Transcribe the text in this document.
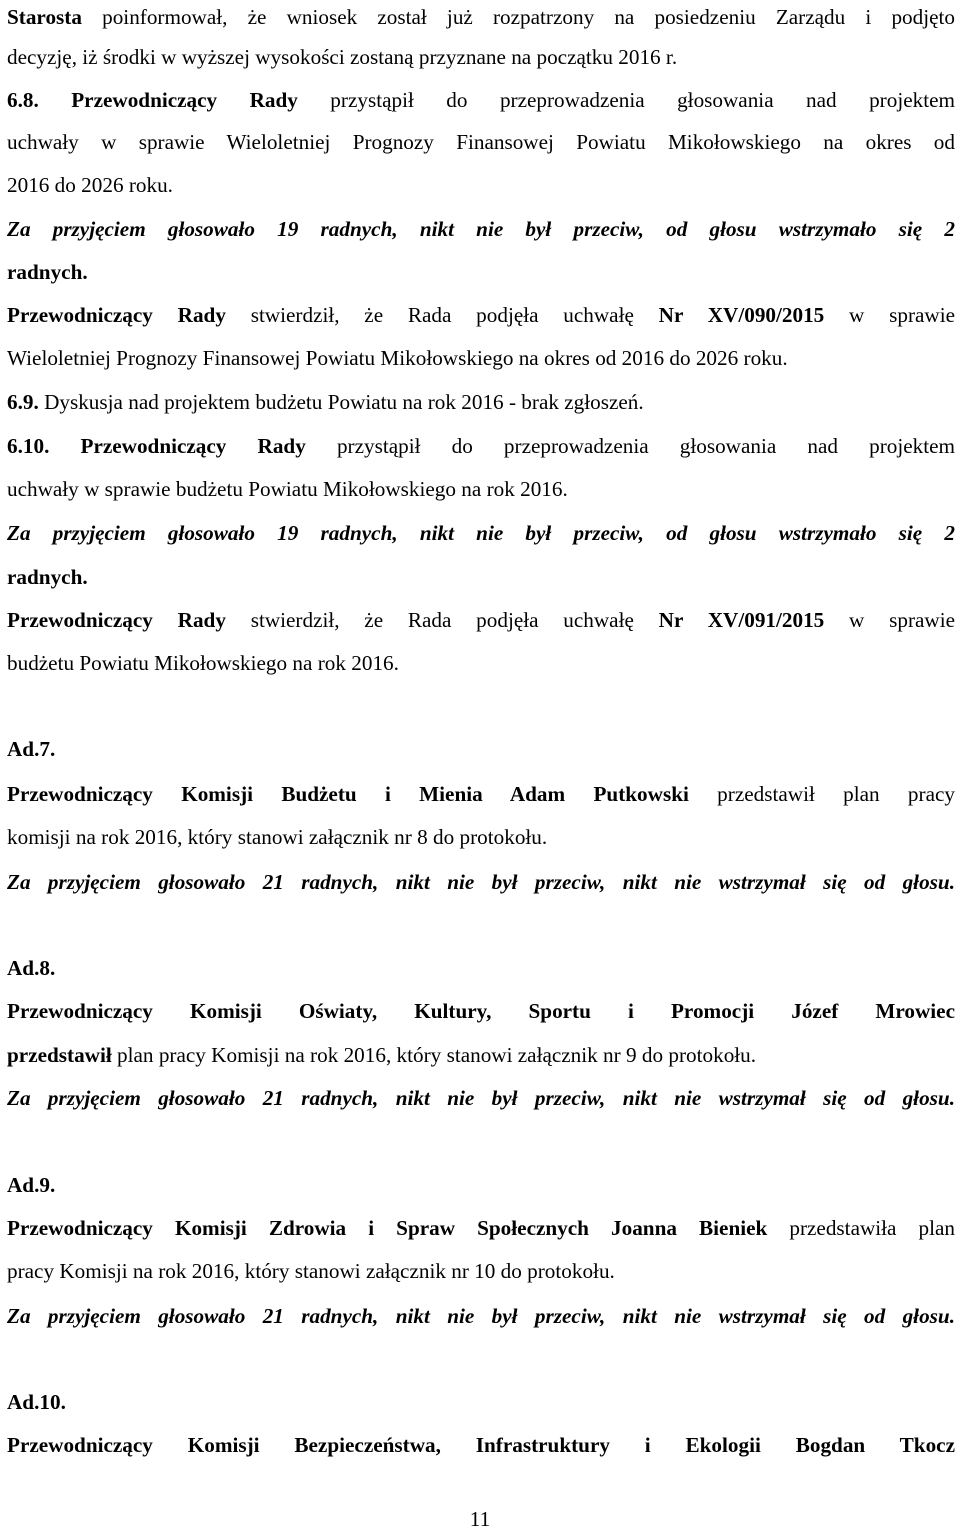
Starosta poinformował, że wniosek został już rozpatrzony na posiedzeniu Zarządu i podjęto
decyzję, iż środki w wyższej wysokości zostaną przyznane na początku 2016 r.
6.8. Przewodniczący Rady przystąpił do przeprowadzenia głosowania nad projektem
uchwały w sprawie Wieloletniej Prognozy Finansowej Powiatu Mikołowskiego na okres od
2016 do 2026 roku.
Za przyjęciem głosowało 19 radnych, nikt nie był przeciw, od głosu wstrzymało się 2
radnych.
Przewodniczący Rady stwierdził, że Rada podjęła uchwałę Nr XV/090/2015 w sprawie
Wieloletniej Prognozy Finansowej Powiatu Mikołowskiego na okres od 2016 do 2026 roku.
6.9. Dyskusja nad projektem budżetu Powiatu na rok 2016 - brak zgłoszeń.
6.10. Przewodniczący Rady przystąpił do przeprowadzenia głosowania nad projektem
uchwały w sprawie budżetu Powiatu Mikołowskiego na rok 2016.
Za przyjęciem głosowało 19 radnych, nikt nie był przeciw, od głosu wstrzymało się 2
radnych.
Przewodniczący Rady stwierdził, że Rada podjęła uchwałę Nr XV/091/2015 w sprawie
budżetu Powiatu Mikołowskiego na rok 2016.
Ad.7.
Przewodniczący Komisji Budżetu i Mienia Adam Putkowski przedstawił plan pracy
komisji na rok 2016, który stanowi załącznik nr 8 do protokołu.
Za przyjęciem głosowało 21 radnych, nikt nie był przeciw, nikt nie wstrzymał się od głosu.
Ad.8.
Przewodniczący Komisji Oświaty, Kultury, Sportu i Promocji Józef Mrowiec
przedstawił plan pracy Komisji na rok 2016, który stanowi załącznik nr 9 do protokołu.
Za przyjęciem głosowało 21 radnych, nikt nie był przeciw, nikt nie wstrzymał się od głosu.
Ad.9.
Przewodniczący Komisji Zdrowia i Spraw Społecznych Joanna Bieniek przedstawiła plan
pracy Komisji na rok 2016, który stanowi załącznik nr 10 do protokołu.
Za przyjęciem głosowało 21 radnych, nikt nie był przeciw, nikt nie wstrzymał się od głosu.
Ad.10.
Przewodniczący Komisji Bezpieczeństwa, Infrastruktury i Ekologii Bogdan Tkocz
11
